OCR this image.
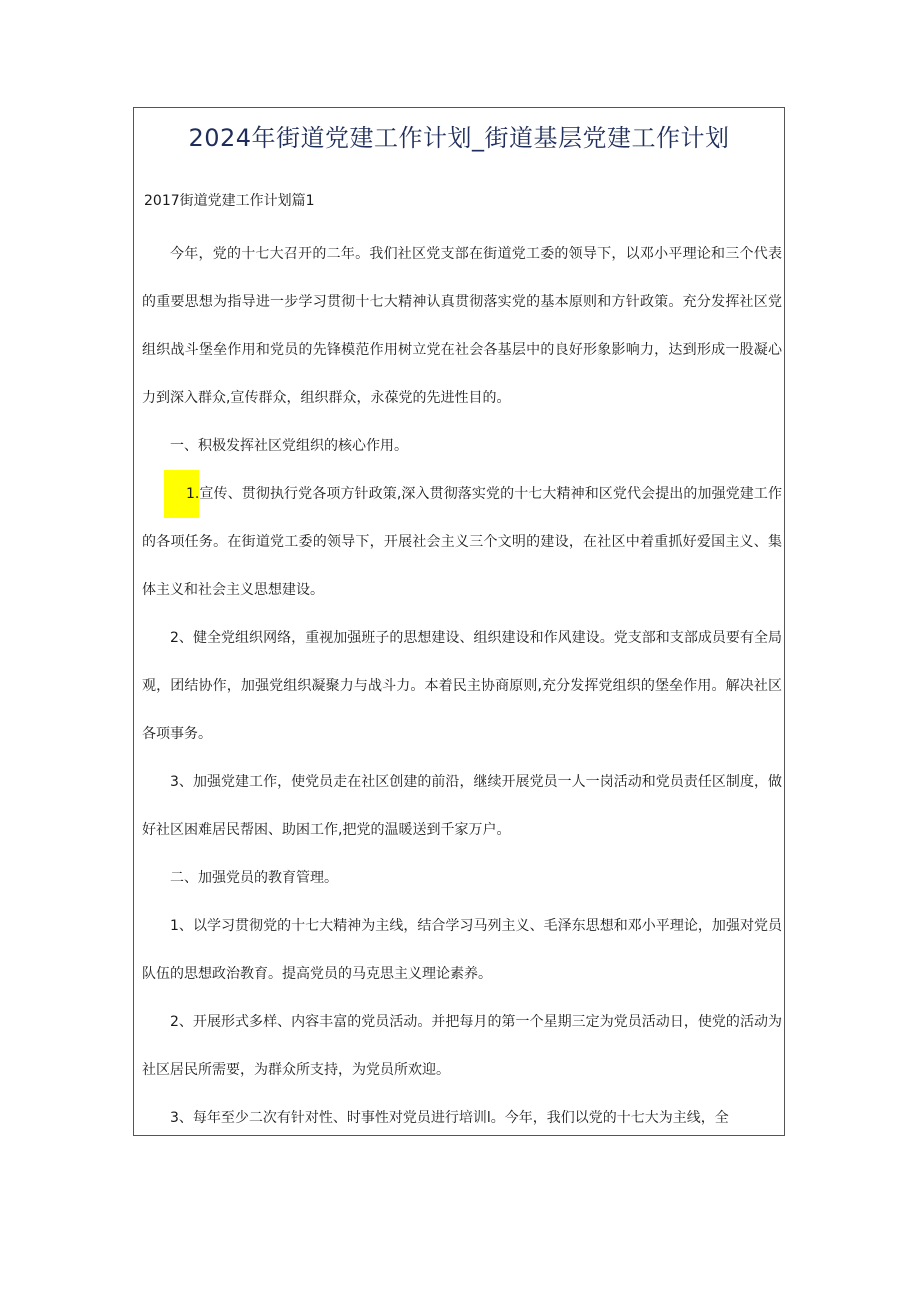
2024年街道党建工作计划_街道基层党建工作计划
2017街道党建工作计划篇1

今年，党的十七大召开的二年。我们社区党支部在街道党工委的领导下，以邓小平理论和三个代表的重要思想为指导进一步学习贯彻十七大精神认真贯彻落实党的基本原则和方针政策。充分发挥社区党组织战斗堡垒作用和党员的先锋模范作用树立党在社会各基层中的良好形象影响力，达到形成一股凝心力到深入群众,宣传群众，组织群众，永葆党的先进性目的。

一、积极发挥社区党组织的核心作用。

1.宣传、贯彻执行党各项方针政策,深入贯彻落实党的十七大精神和区党代会提出的加强党建工作的各项任务。在街道党工委的领导下，开展社会主义三个文明的建设，在社区中着重抓好爱国主义、集体主义和社会主义思想建设。

2、健全党组织网络，重视加强班子的思想建设、组织建设和作风建设。党支部和支部成员要有全局观，团结协作，加强党组织凝聚力与战斗力。本着民主协商原则,充分发挥党组织的堡垒作用。解决社区各项事务。

3、加强党建工作，使党员走在社区创建的前沿，继续开展党员一人一岗活动和党员责任区制度，做好社区困难居民帮困、助困工作,把党的温暖送到千家万户。

二、加强党员的教育管理。

1、以学习贯彻党的十七大精神为主线，结合学习马列主义、毛泽东思想和邓小平理论，加强对党员队伍的思想政治教育。提高党员的马克思主义理论素养。

2、开展形式多样、内容丰富的党员活动。并把每月的第一个星期三定为党员活动日，使党的活动为社区居民所需要，为群众所支持，为党员所欢迎。

3、每年至少二次有针对性、时事性对党员进行培训l。今年，我们以党的十七大为主线，全
